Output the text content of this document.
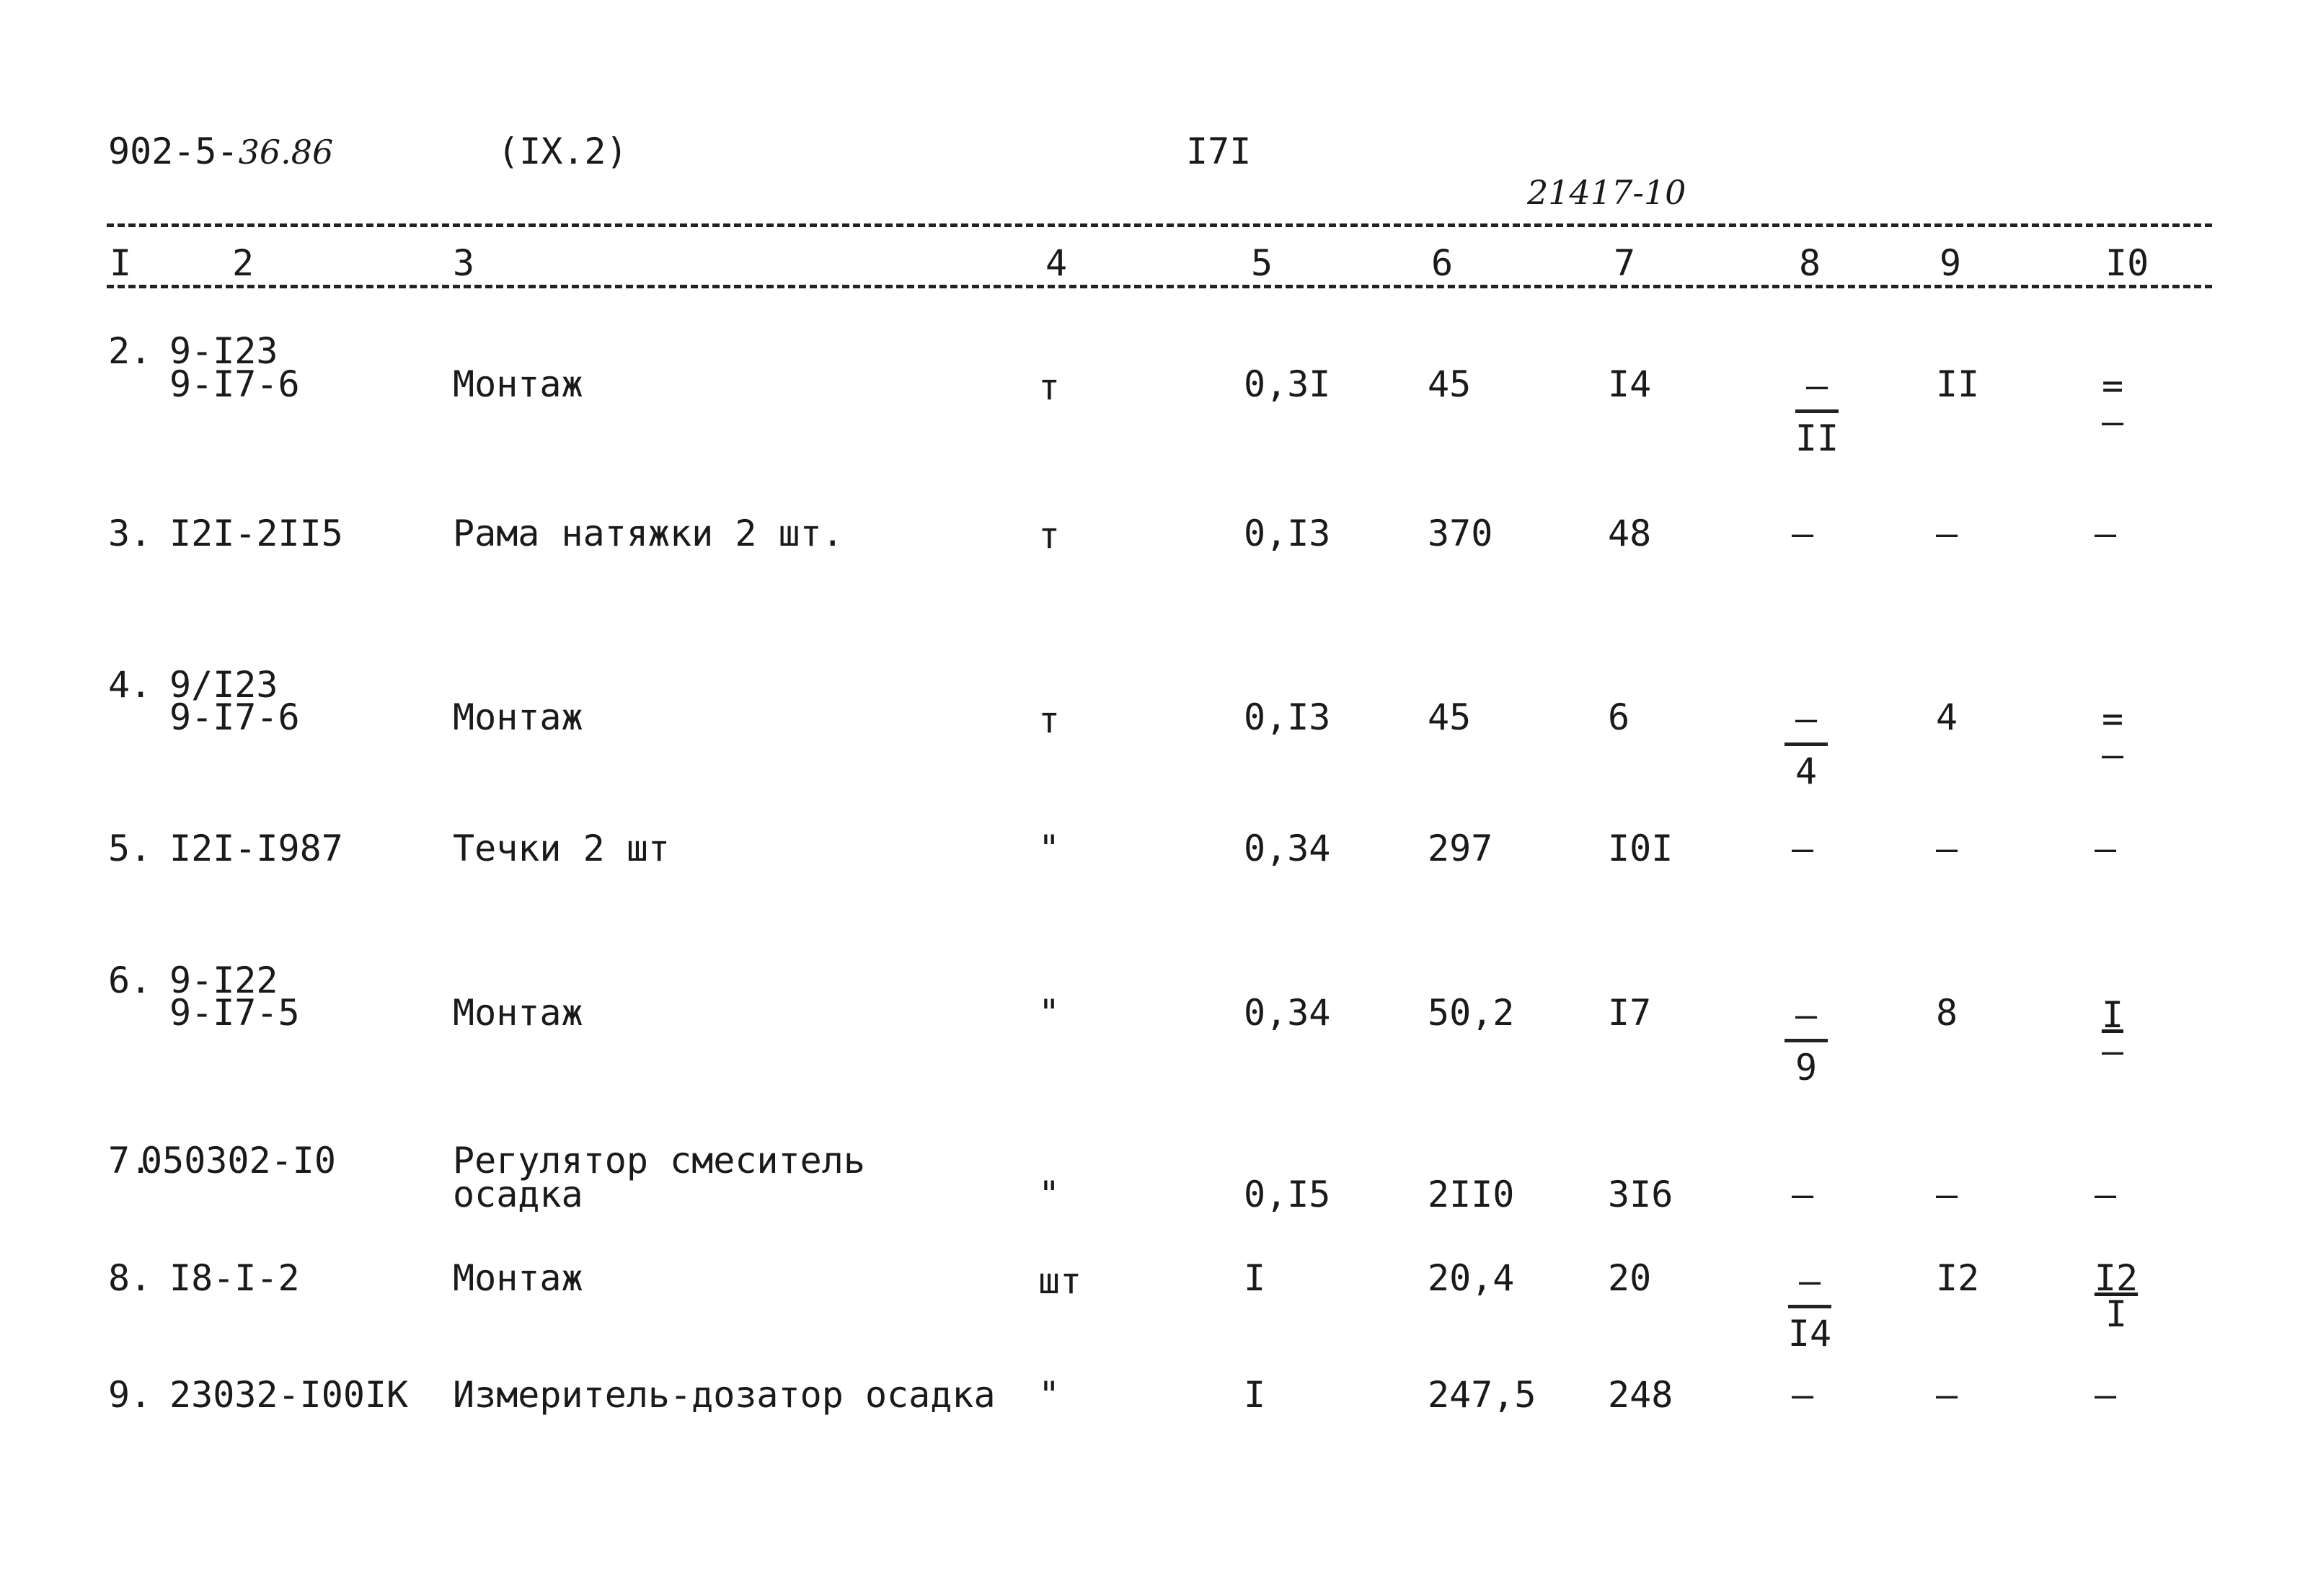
902-5-36.86	(IX.2)	I7I
21417-10
I	2	3	4	5	6	7	8	9	I0
2. 9-I23
9-I7-6	Монтаж	т	0,3I	45	I4	–
II
II	=
–
3. I2I-2II5	Рама натяжки 2 шт.	т	0,I3	370	48	–	–	–
4. 9/I23
9-I7-6	Монтаж	т	0,I3	45	6	–
4
4	=
–
5. I2I-I987	Течки 2 шт	"	0,34	297	I0I	–	–	–
6. 9-I22
9-I7-5	Монтаж	"	0,34	50,2	I7	–
9
8	I
–
7.
050302-I0	Регулятор смеситель
осадка	"	0,I5	2II0	3I6	–	–	–
8. I8-I-2	Монтаж	шт	I	20,4	20	–
I4
I2	$\frac{I2}{I}$
9. 23032-I00IK Измеритель-дозатор осадка "	I	247,5 248	–	–	–
